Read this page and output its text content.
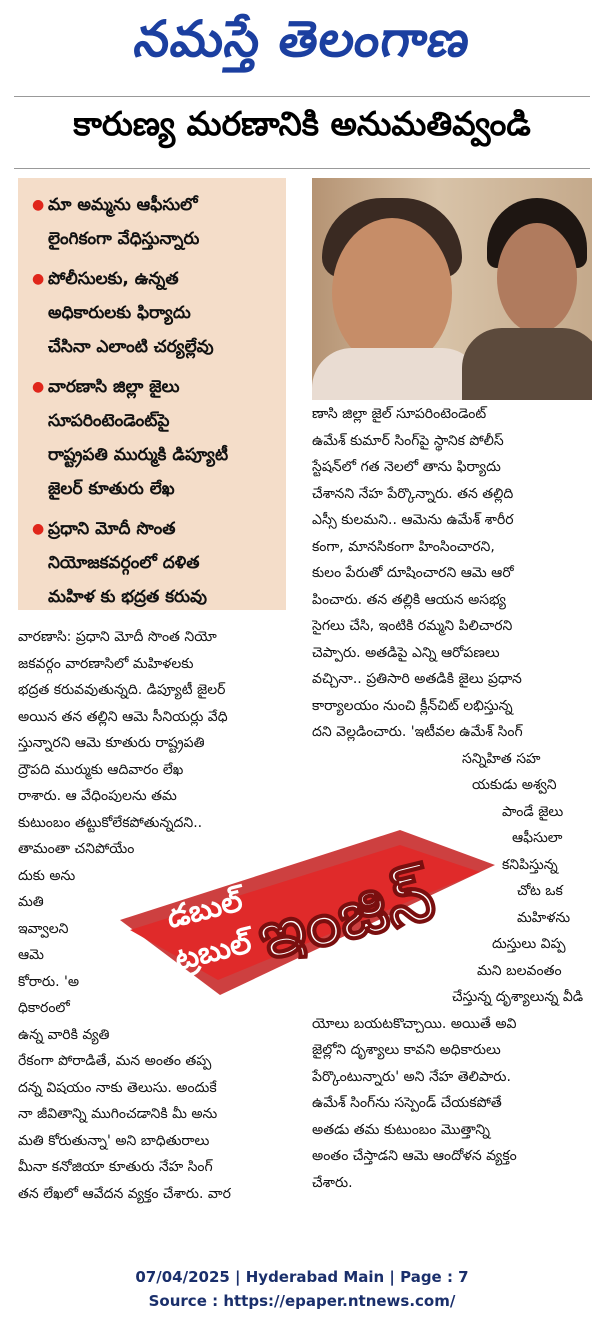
నమస్తే తెలంగాణ
కారుణ్య మరణానికి అనుమతివ్వండి
● మా అమ్మను ఆఫీసులో
లైంగికంగా వేధిస్తున్నారు
● పోలీసులకు, ఉన్నత
అధికారులకు ఫిర్యాదు
చేసినా ఎలాంటి చర్యల్లేవు
● వారణాసి జిల్లా జైలు
సూపరింటెండెంట్‌పై
రాష్ట్రపతి ముర్ముకి డిప్యూటీ
జైలర్ కూతురు లేఖ
● ప్రధాని మోదీ సొంత
నియోజకవర్గంలో దళిత
మహిళ కు భద్రత కరువు
వారణాసి: ప్రధాని మోదీ సొంత నియో
జకవర్గం వారణాసిలో మహిళలకు
భద్రత కరువవుతున్నది. డిప్యూటీ జైలర్
అయిన తన తల్లిని ఆమె సీనియర్లు వేధి
స్తున్నారని ఆమె కూతురు రాష్ట్రపతి
ద్రౌపది ముర్ముకు ఆదివారం లేఖ
రాశారు. ఆ వేధింపులను తమ
కుటుంబం తట్టుకోలేకపోతున్నదని..
తామంతా చనిపోయేం
దుకు అను
మతి
ఇవ్వాలని
ఆమె
కోరారు. 'అ
ధికారంలో
ఉన్న వారికి వ్యతి
రేకంగా పోరాడితే, మన అంతం తప్ప
దన్న విషయం నాకు తెలుసు. అందుకే
నా జీవితాన్ని ముగించడానికి మీ అను
మతి కోరుతున్నా' అని బాధితురాలు
మీనా కనోజియా కూతురు నేహ సింగ్
తన లేఖలో ఆవేదన వ్యక్తం చేశారు. వార
ణాసి జిల్లా జైల్ సూపరింటెండెంట్
ఉమేశ్ కుమార్ సింగ్‌పై స్థానిక పోలీస్
స్టేషన్‌లో గత నెలలో తాను ఫిర్యాదు
చేశానని నేహ పేర్కొన్నారు. తన తల్లిది
ఎస్సీ కులమని.. ఆమెను ఉమేశ్ శారీర
కంగా, మానసికంగా హింసించారని,
కులం పేరుతో దూషించారని ఆమె ఆరో
పించారు. తన తల్లికి ఆయన అసభ్య
సైగలు చేసి, ఇంటికి రమ్మని పిలిచారని
చెప్పారు. అతడిపై ఎన్ని ఆరోపణలు
వచ్చినా.. ప్రతిసారి అతడికి జైలు ప్రధాన
కార్యాలయం నుంచి క్లీన్‌చిట్ లభిస్తున్న
దని వెల్లడించారు. 'ఇటీవల ఉమేశ్ సింగ్
సన్నిహిత సహ
యకుడు అశ్వని
పాండే జైలు
ఆఫీసులా
కనిపిస్తున్న
చోట ఒక
మహిళను
దుస్తులు విప్ప
మని బలవంతం
చేస్తున్న దృశ్యాలున్న వీడి
యోలు బయటకొచ్చాయి. అయితే అవి
జైల్లోని దృశ్యాలు కావని అధికారులు
పేర్కొంటున్నారు' అని నేహ తెలిపారు.
ఉమేశ్ సింగ్‌ను సస్పెండ్ చేయకపోతే
అతడు తమ కుటుంబం మొత్తాన్ని
అంతం చేస్తాడని ఆమె ఆందోళన వ్యక్తం
చేశారు.
డబుల్
ట్రబుల్
ఇంజిన్
07/04/2025 | Hyderabad Main | Page : 7
Source : https://epaper.ntnews.com/
